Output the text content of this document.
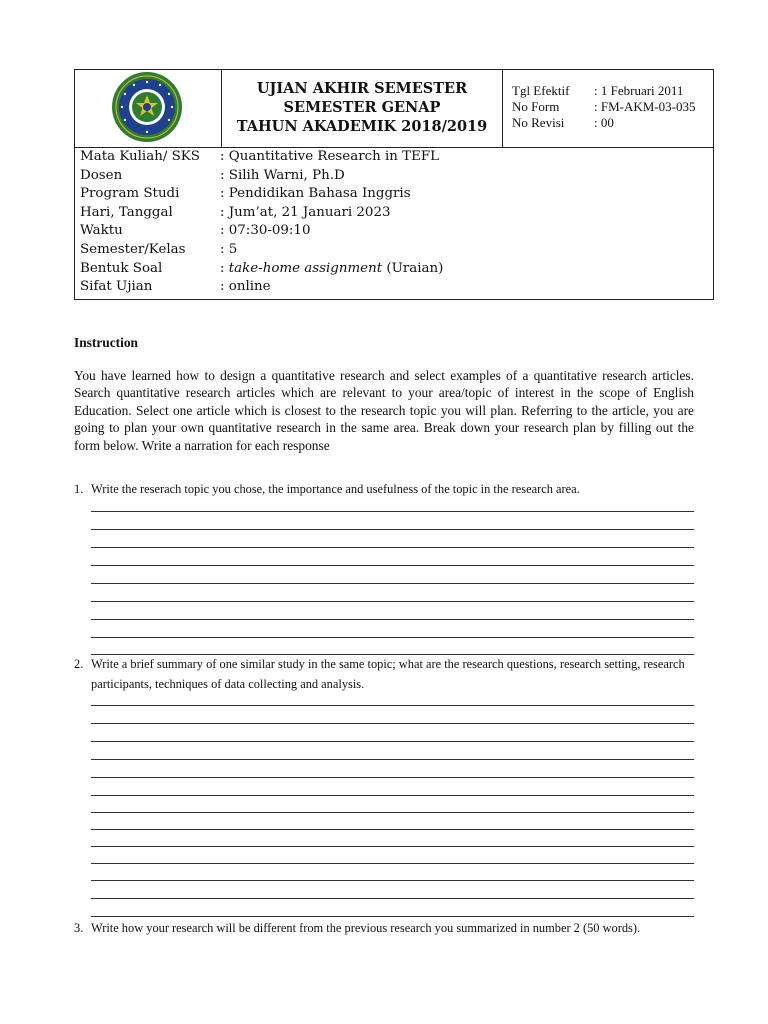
UJIAN AKHIR SEMESTER
SEMESTER GENAP
TAHUN AKADEMIK 2018/2019
Tgl Efektif	: 1 Februari 2011
No Form	: FM-AKM-03-035
No Revisi	: 00
Mata Kuliah/ SKS	: Quantitative Research in TEFL
Dosen	: Silih Warni, Ph.D
Program Studi	: Pendidikan Bahasa Inggris
Hari, Tanggal	: Jum’at, 21 Januari 2023
Waktu	: 07:30-09:10
Semester/Kelas	: 5
Bentuk Soal	: take-home assignment (Uraian)
Sifat Ujian	: online
Instruction
You have learned how to design a quantitative research and select examples of a quantitative research articles. Search quantitative research articles which are relevant to your area/topic of interest in the scope of English Education. Select one article which is closest to the research topic you will plan. Referring to the article, you are going to plan your own quantitative research in the same area. Break down your research plan by filling out the form below. Write a narration for each response
1. Write the reserach topic you chose, the importance and usefulness of the topic in the research area.
2. Write a brief summary of one similar study in the same topic; what are the research questions, research setting, research participants, techniques of data collecting and analysis.
3. Write how your research will be different from the previous research you summarized in number 2 (50 words).
